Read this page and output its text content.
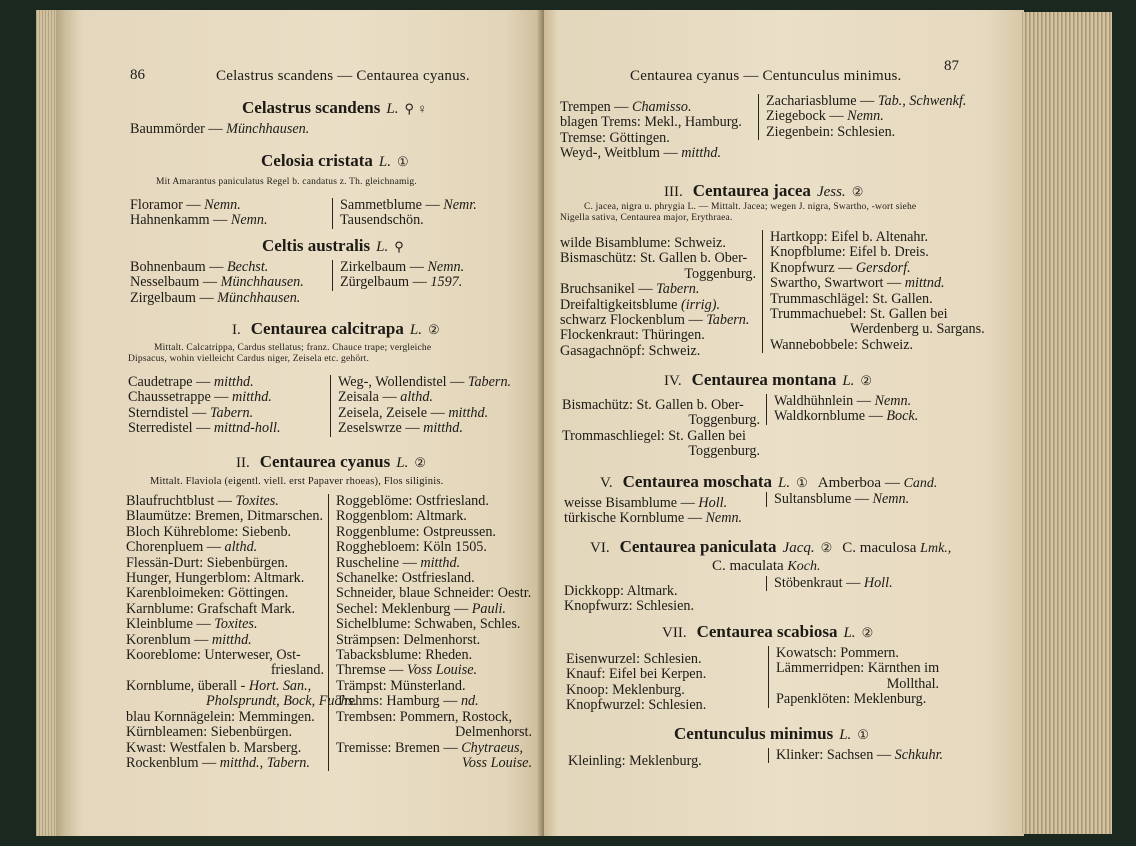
86	Celastrus scandens — Centaurea cyanus.
Celastrus scandens L. ⚲ ♀
Baummörder — Münchhausen.
Celosia cristata L. ①
Mit Amarantus paniculatus Regel b. candatus z. Th. gleichnamig.
Floramor — Nemn.
Hahnenkamm — Nemn.
Sammetblume — Nemr.
Tausendschön.
Celtis australis L. ⚲
Bohnenbaum — Bechst.
Nesselbaum — Münchhausen.
Zirgelbaum — Münchhausen.
Zirkelbaum — Nemn.
Zürgelbaum — 1597.
I. Centaurea calcitrapa L. ②
Mittalt. Calcatrippa, Cardus stellatus; franz. Chauce trape; vergleiche
Dipsacus, wohin vielleicht Cardus niger, Zeisela etc. gehört.
Caudetrape — mitthd.
Chaussetrappe — mitthd.
Sterndistel — Tabern.
Sterredistel — mittnd-holl.
Weg-, Wollendistel — Tabern.
Zeisala — althd.
Zeisela, Zeisele — mitthd.
Zeselswrze — mitthd.
II. Centaurea cyanus L. ②
Mittalt. Flaviola (eigentl. viell. erst Papaver rhoeas), Flos siliginis.
Blaufruchtblust — Toxites.
Blaumütze: Bremen, Ditmarschen.
Bloch Kühreblome: Siebenb.
Chorenpluem — althd.
Flessän-Durt: Siebenbürgen.
Hunger, Hungerblom: Altmark.
Karenbloimeken: Göttingen.
Karnblume: Grafschaft Mark.
Kleinblume — Toxites.
Korenblum — mitthd.
Kooreblome: Unterweser, Ost-
friesland.
Kornblume, überall - Hort. San.,
Pholsprundt, Bock, Fuchs.
blau Kornnägelein: Memmingen.
Kürnbleamen: Siebenbürgen.
Kwast: Westfalen b. Marsberg.
Rockenblum — mitthd., Tabern.
Roggeblöme: Ostfriesland.
Roggenblom: Altmark.
Roggenblume: Ostpreussen.
Rogghebloem: Köln 1505.
Ruscheline — mitthd.
Schanelke: Ostfriesland.
Schneider, blaue Schneider: Oestr.
Sechel: Meklenburg — Pauli.
Sichelblume: Schwaben, Schles.
Strämpsen: Delmenhorst.
Tabacksblume: Rheden.
Thremse — Voss Louise.
Trämpst: Münsterland.
Trehms: Hamburg — nd.
Trembsen: Pommern, Rostock,
Delmenhorst.
Tremisse: Bremen — Chytraeus,
Voss Louise.
Centaurea cyanus — Centunculus minimus.
87
Trempen — Chamisso.
blagen Trems: Mekl., Hamburg.
Tremse: Göttingen.
Weyd-, Weitblum — mitthd.
Zachariasblume — Tab., Schwenkf.
Ziegebock — Nemn.
Ziegenbein: Schlesien.
III. Centaurea jacea Jess. ②
C. jacea, nigra u. phrygia L. — Mittalt. Jacea; wegen J. nigra, Swartho, -wort siehe
Nigella sativa, Centaurea major, Erythraea.
wilde Bisamblume: Schweiz.
Bismaschütz: St. Gallen b. Ober-
Toggenburg.
Bruchsanikel — Tabern.
Dreifaltigkeitsblume (irrig).
schwarz Flockenblum — Tabern.
Flockenkraut: Thüringen.
Gasagachnöpf: Schweiz.
Hartkopp: Eifel b. Altenahr.
Knopfblume: Eifel b. Dreis.
Knopfwurz — Gersdorf.
Swartho, Swartwort — mittnd.
Trummaschlägel: St. Gallen.
Trummachuebel: St. Gallen bei
Werdenberg u. Sargans.
Wannebobbele: Schweiz.
IV. Centaurea montana L. ②
Bismachütz: St. Gallen b. Ober-
Toggenburg.
Trommaschliegel: St. Gallen bei
Toggenburg.
Waldhühnlein — Nemn.
Waldkornblume — Bock.
V. Centaurea moschata L. ① Amberboa — Cand.
weisse Bisamblume — Holl.
türkische Kornblume — Nemn.
Sultansblume — Nemn.
VI. Centaurea paniculata Jacq. ② C. maculosa Lmk.,
C. maculata Koch.
Dickkopp: Altmark.
Knopfwurz: Schlesien.
Stöbenkraut — Holl.
VII. Centaurea scabiosa L. ②
Eisenwurzel: Schlesien.
Knauf: Eifel bei Kerpen.
Knoop: Meklenburg.
Knopfwurzel: Schlesien.
Kowatsch: Pommern.
Lämmerridpen: Kärnthen im
Mollthal.
Papenklöten: Meklenburg.
Centunculus minimus L. ①
Kleinling: Meklenburg.	Klinker: Sachsen — Schkuhr.
